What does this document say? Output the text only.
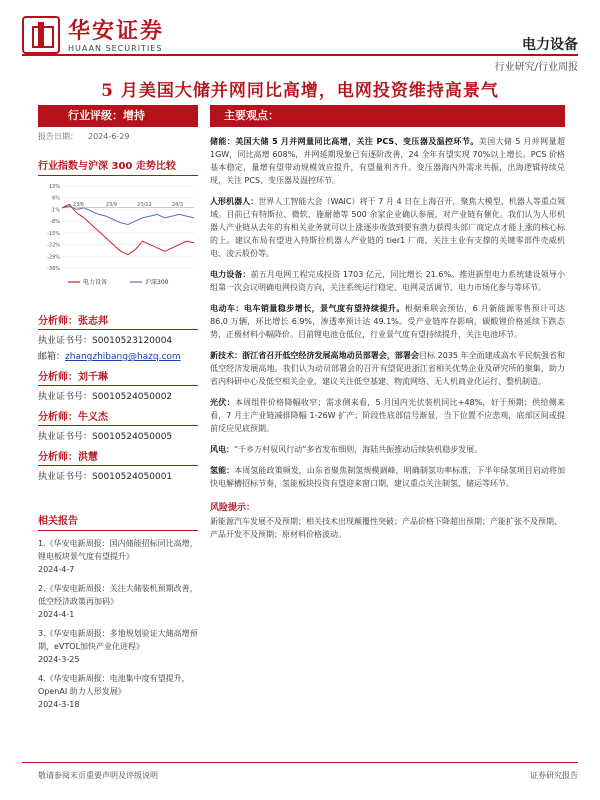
华安证券
HUAAN SECURITIES	电力设备
行业研究/行业周报
5 月美国大储并网同比高增，电网投资维持高景气
行业评级：增持
报告日期： 2024-6-29
行业指数与沪深 300 走势比较
13%
6%
-1%
-8%
-15%
-22%
-29%
-36%
23/6	23/9	23/12	24/3
电力设备	沪深300
分析师：张志邦
执业证书号：S0010523120004
邮箱：zhangzhibang@hazq.com
分析师：刘千琳
执业证书号：S0010524050002
分析师：牛义杰
执业证书号：S0010524050005
分析师：洪慧
执业证书号：S0010524050001
相关报告
1.《华安电新周报：国内储能招标同比高增，锂电板块景气度有望提升》
2024-4-7
2.《华安电新周报：关注大储装机预期改善，低空经济政策再加码》
2024-4-1
3.《华安电新周报：多地规划验证大储高增预期，eVTOL加快产业化进程》
2024-3-25
4.《华安电新周报：电池集中度有望提升，OpenAI 助力人形发展》
2024-3-18
主要观点：

储能：美国大储 5 月并网量同比高增，关注 PCS、变压器及温控环节。美国大储 5 月并网量超 1GW，同比高增 608%，并网延期现象已有逐阶改善，24 全年有望实现 70%以上增长。PCS 价格基本稳定，量增有望带动规模效应提升，有望量利齐升。变压器海内外需求共振，出海逻辑持续兑现，关注 PCS、变压器及温控环节。

人形机器人：世界人工智能大会（WAIC）将于 7 月 4 日在上海召开，聚焦大模型、机器人等重点领域。目前已有特斯拉、微软、施耐德等 500 余家企业确认参展，对产业链有催化。我们认为人形机器人产业链从去年的有相关业务就可以上涨逐步收敛到要有潜力获得头部厂商定点才能上涨的核心标的上。建议布局有望进入特斯拉机器人产业链的 tier1 厂商，关注主业有支撑的关键零部件壳威机电、凌云股份等。

电力设备：前五月电网工程完成投资 1703 亿元，同比增长 21.6%。推进新型电力系统建设领导小组第一次会议明确电网投资方向，关注系统运行稳定、电网灵活调节、电力市场化参与等环节。

电动车：电车销量稳步增长，景气度有望持续提升。根据乘联会预估，6 月新能源零售预计可达 86.0 万辆，环比增长 6.9%，渗透率预计达 49.1%。受产业链库存影响，碳酸锂价格延续下跌态势，正极材料小幅降价。目前锂电池仓低位，行业景气度有望持续提升，关注电池环节。

新技术：浙江省召开低空经济发展高地动员部署会，部署会目标 2035 年全面建成高水平民航强省和低空经济发展高地。我们认为动员部署会的召开有望促进浙江省相关优势企业及研究所的聚集，助力省内科研中心及低空相关企业，建议关注低空基建、物流网络、无人机商业化运行、整机制造。

光伏：本周组件价格降幅收窄；需求侧来看，5 月国内光伏装机同比+48%，好于预期；供给侧来看，7 月主产业链减排降幅 1-26W 扩产；阶段性底部信号渐显，当下位置不应悲观，底部区间或提前反应见底预期。

风电：“千乡万村驭风行动”多省发布细则，海陆共振推动后续装机稳步发展。

氢能：本周氢能政策频发，山东省聚焦制氢规模调峰，明确制氢功率标准，下半年绿氢项目启动将加快电解槽招标节奏，氢能板块投资有望迎来窗口期，建议重点关注制氢、储运等环节。

风险提示：
新能源汽车发展不及预期；相关技术出现颠覆性突破；产品价格下降超出预期；产能扩张不及预期、产品开发不及预期；原材料价格波动。
敬请参阅末页重要声明及评级说明	证券研究报告
